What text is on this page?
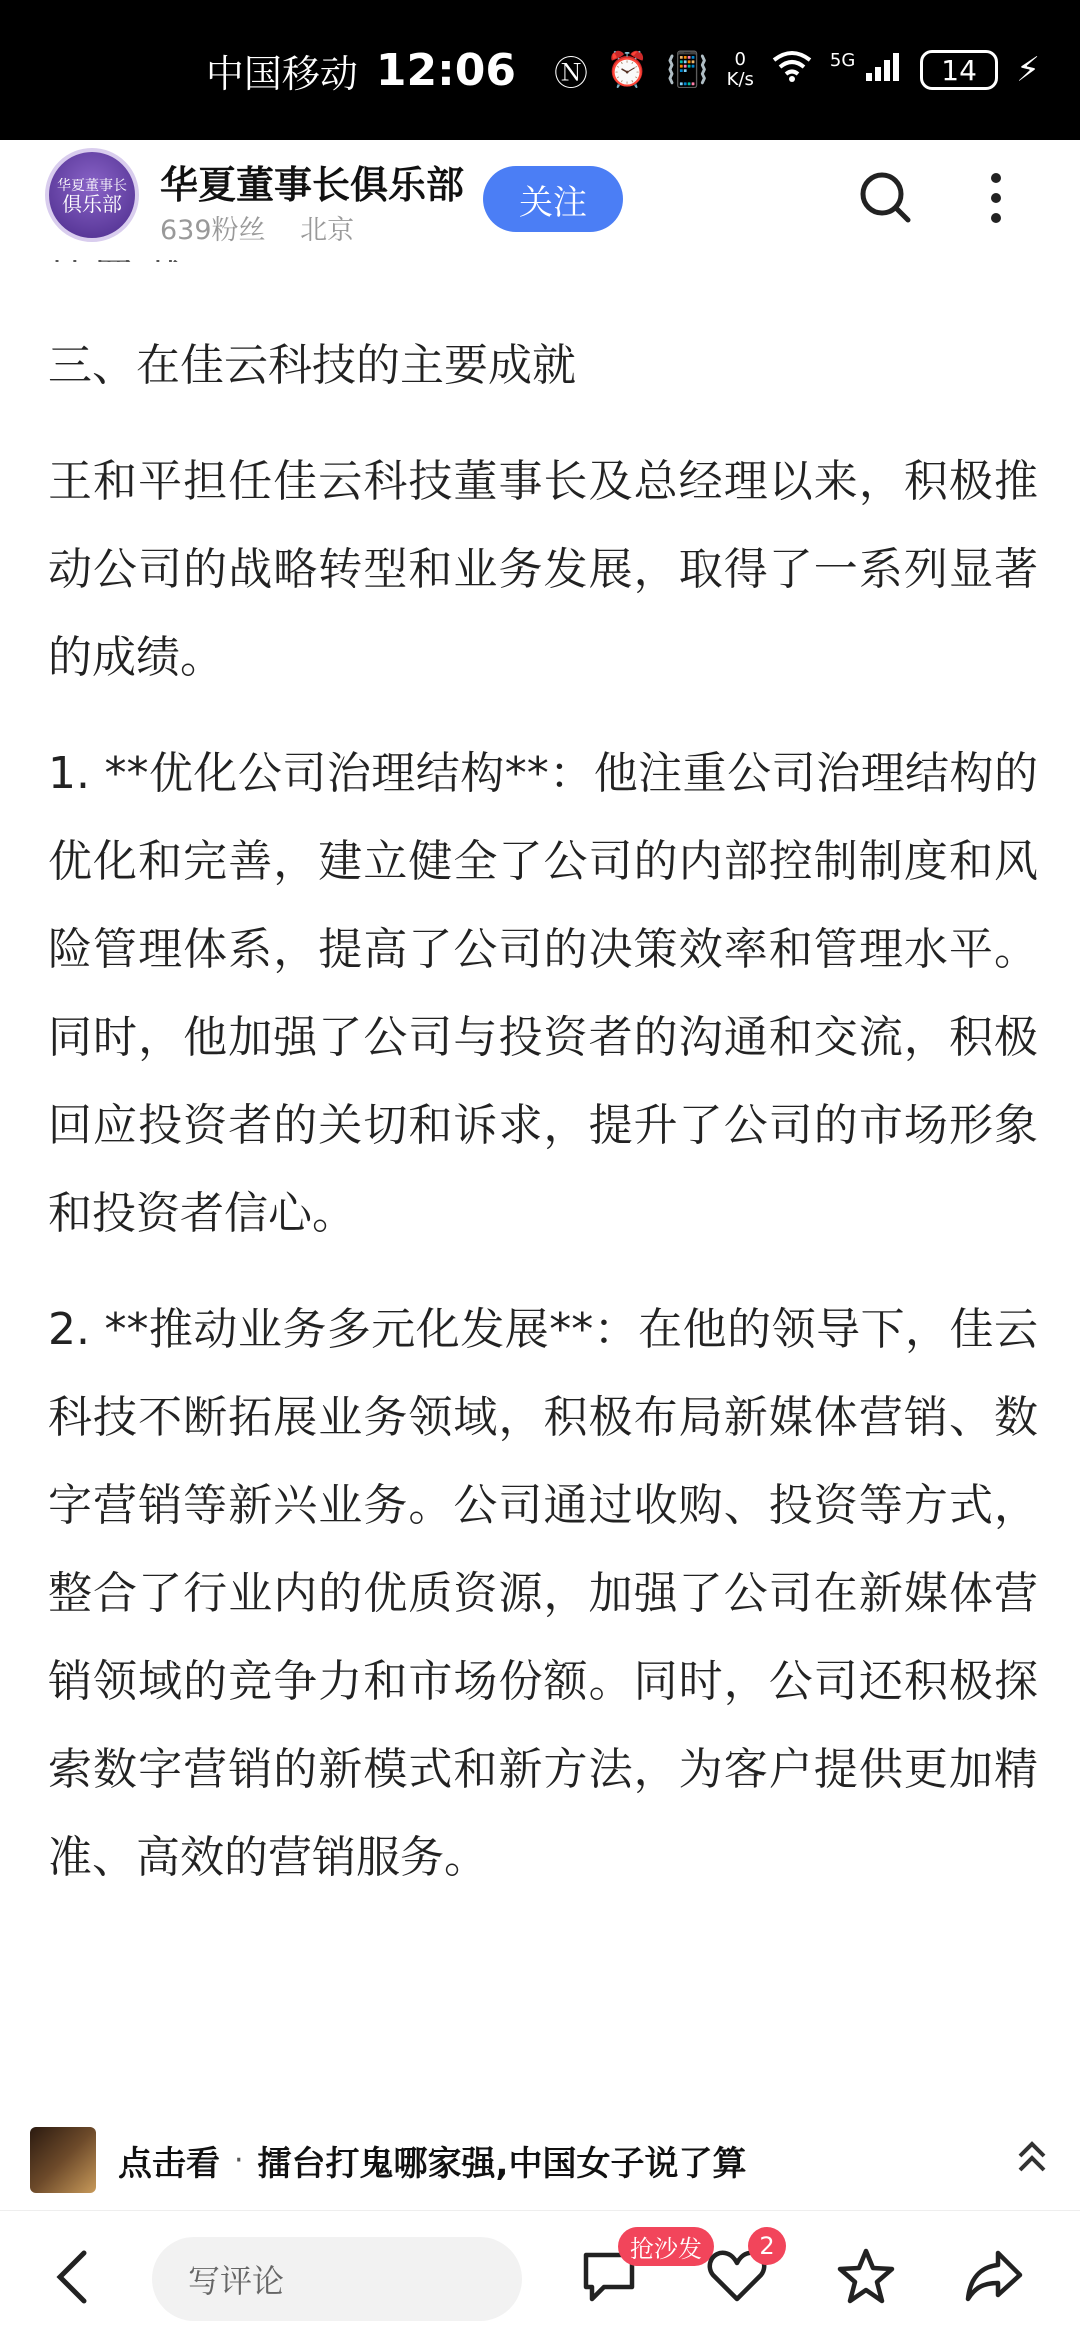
中国移动 12:06 Ⓝ ⏰ 📳	0
K/s
$^{5G}$	14	⚡
华夏董事长
俱乐部 华夏董事长俱乐部
639粉丝 北京
关注

三、在佳云科技的主要成就

王和平担任佳云科技董事长及总经理以来，积极推动公司的战略转型和业务发展，取得了一系列显著的成绩。

1. **优化公司治理结构**：他注重公司治理结构的优化和完善，建立健全了公司的内部控制制度和风险管理体系，提高了公司的决策效率和管理水平。同时，他加强了公司与投资者的沟通和交流，积极回应投资者的关切和诉求，提升了公司的市场形象和投资者信心。

2. **推动业务多元化发展**：在他的领导下，佳云科技不断拓展业务领域，积极布局新媒体营销、数字营销等新兴业务。公司通过收购、投资等方式，整合了行业内的优质资源，加强了公司在新媒体营销领域的竞争力和市场份额。同时，公司还积极探索数字营销的新模式和新方法，为客户提供更加精准、高效的营销服务。

点击看 · 擂台打鬼哪家强,中国女子说了算
写评论
抢沙发	2
